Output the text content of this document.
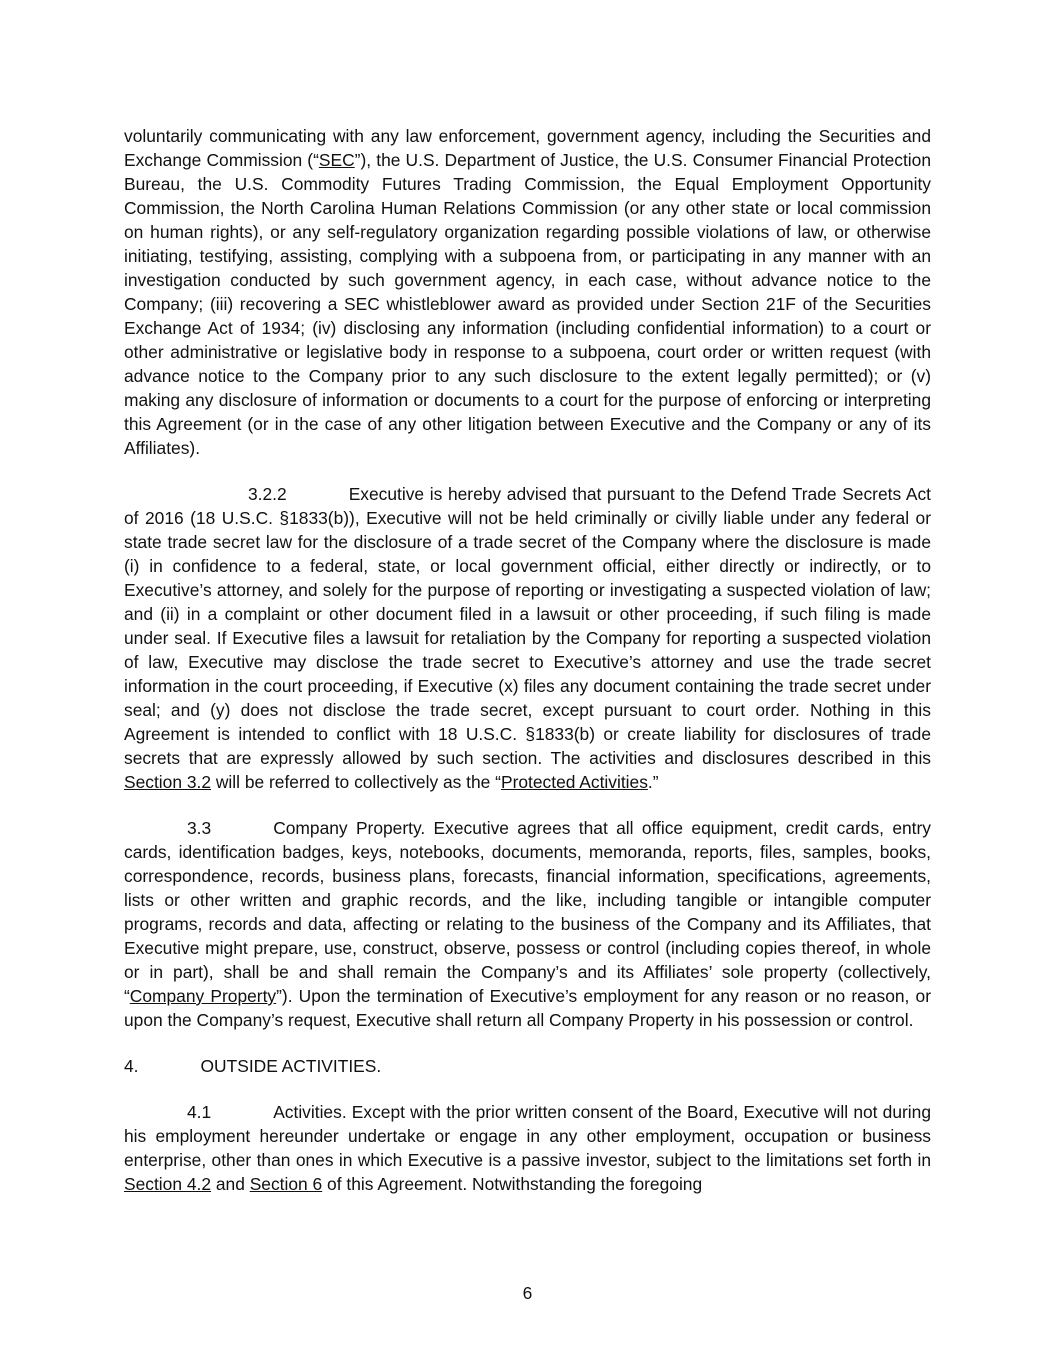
voluntarily communicating with any law enforcement, government agency, including the Securities and Exchange Commission (“SEC”), the U.S. Department of Justice, the U.S. Consumer Financial Protection Bureau, the U.S. Commodity Futures Trading Commission, the Equal Employment Opportunity Commission, the North Carolina Human Relations Commission (or any other state or local commission on human rights), or any self-regulatory organization regarding possible violations of law, or otherwise initiating, testifying, assisting, complying with a subpoena from, or participating in any manner with an investigation conducted by such government agency, in each case, without advance notice to the Company; (iii) recovering a SEC whistleblower award as provided under Section 21F of the Securities Exchange Act of 1934; (iv) disclosing any information (including confidential information) to a court or other administrative or legislative body in response to a subpoena, court order or written request (with advance notice to the Company prior to any such disclosure to the extent legally permitted); or (v) making any disclosure of information or documents to a court for the purpose of enforcing or interpreting this Agreement (or in the case of any other litigation between Executive and the Company or any of its Affiliates).

3.2.2	Executive is hereby advised that pursuant to the Defend Trade Secrets Act of 2016 (18 U.S.C. §1833(b)), Executive will not be held criminally or civilly liable under any federal or state trade secret law for the disclosure of a trade secret of the Company where the disclosure is made (i) in confidence to a federal, state, or local government official, either directly or indirectly, or to Executive’s attorney, and solely for the purpose of reporting or investigating a suspected violation of law; and (ii) in a complaint or other document filed in a lawsuit or other proceeding, if such filing is made under seal. If Executive files a lawsuit for retaliation by the Company for reporting a suspected violation of law, Executive may disclose the trade secret to Executive’s attorney and use the trade secret information in the court proceeding, if Executive (x) files any document containing the trade secret under seal; and (y) does not disclose the trade secret, except pursuant to court order. Nothing in this Agreement is intended to conflict with 18 U.S.C. §1833(b) or create liability for disclosures of trade secrets that are expressly allowed by such section. The activities and disclosures described in this Section 3.2 will be referred to collectively as the “Protected Activities.”

3.3	Company Property. Executive agrees that all office equipment, credit cards, entry cards, identification badges, keys, notebooks, documents, memoranda, reports, files, samples, books, correspondence, records, business plans, forecasts, financial information, specifications, agreements, lists or other written and graphic records, and the like, including tangible or intangible computer programs, records and data, affecting or relating to the business of the Company and its Affiliates, that Executive might prepare, use, construct, observe, possess or control (including copies thereof, in whole or in part), shall be and shall remain the Company’s and its Affiliates’ sole property (collectively, “Company Property”). Upon the termination of Executive’s employment for any reason or no reason, or upon the Company’s request, Executive shall return all Company Property in his possession or control.

4.	OUTSIDE ACTIVITIES.

4.1	Activities. Except with the prior written consent of the Board, Executive will not during his employment hereunder undertake or engage in any other employment, occupation or business enterprise, other than ones in which Executive is a passive investor, subject to the limitations set forth in Section 4.2 and Section 6 of this Agreement. Notwithstanding the foregoing

6
